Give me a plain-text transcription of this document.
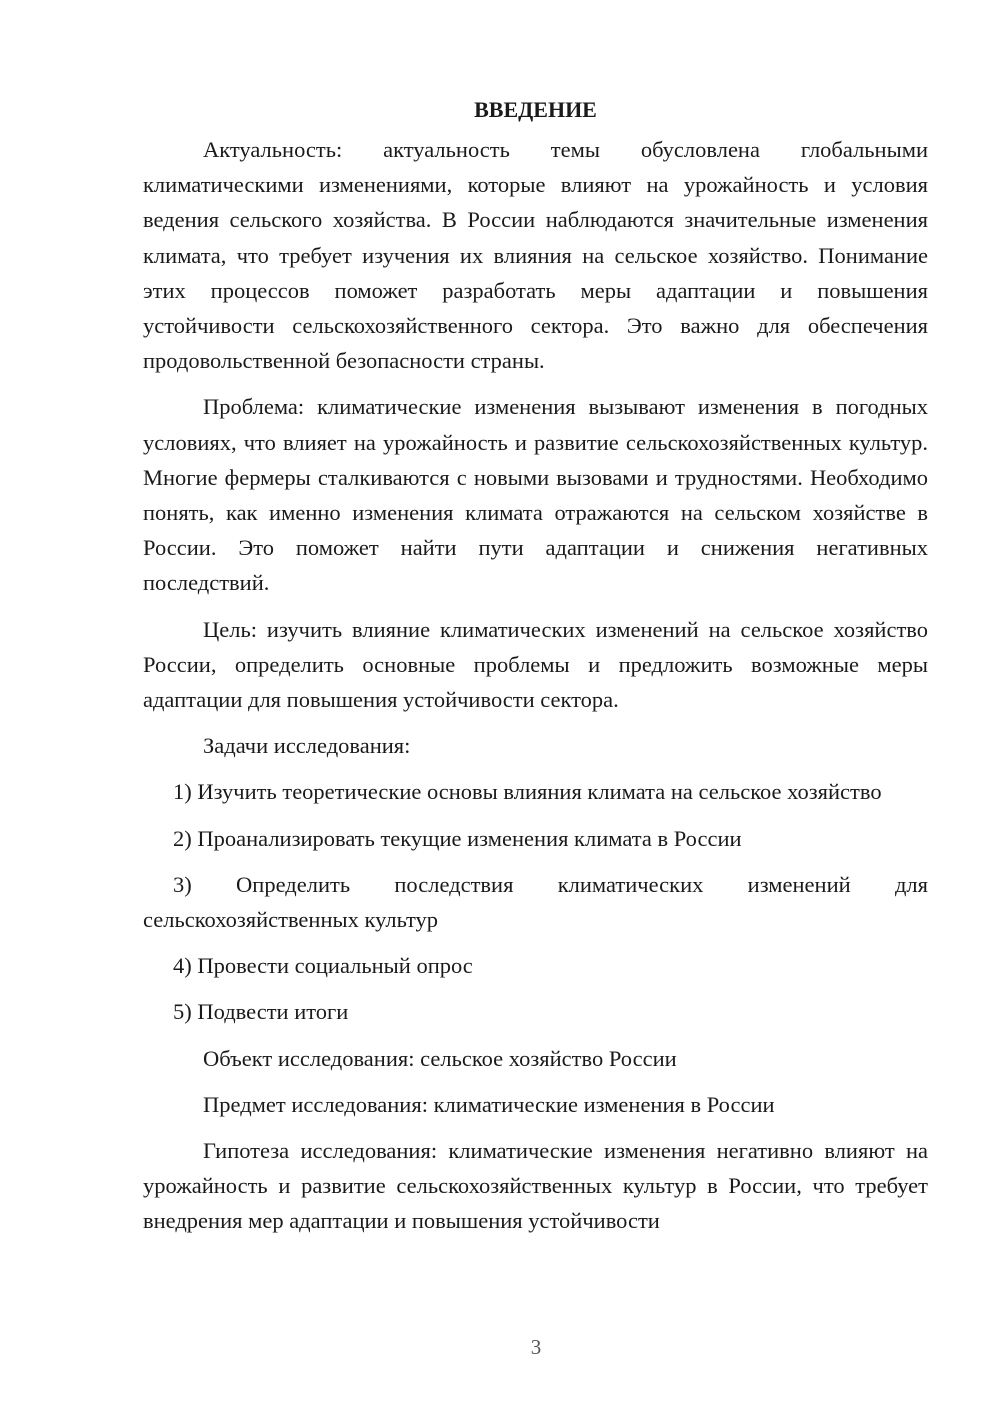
ВВЕДЕНИЕ

Актуальность: актуальность темы обусловлена глобальными климатическими изменениями, которые влияют на урожайность и условия ведения сельского хозяйства. В России наблюдаются значительные изменения климата, что требует изучения их влияния на сельское хозяйство. Понимание этих процессов поможет разработать меры адаптации и повышения устойчивости сельскохозяйственного сектора. Это важно для обеспечения продовольственной безопасности страны.

Проблема: климатические изменения вызывают изменения в погодных условиях, что влияет на урожайность и развитие сельскохозяйственных культур. Многие фермеры сталкиваются с новыми вызовами и трудностями. Необходимо понять, как именно изменения климата отражаются на сельском хозяйстве в России. Это поможет найти пути адаптации и снижения негативных последствий.

Цель: изучить влияние климатических изменений на сельское хозяйство России, определить основные проблемы и предложить возможные меры адаптации для повышения устойчивости сектора.

Задачи исследования:

1) Изучить теоретические основы влияния климата на сельское хозяйство

2) Проанализировать текущие изменения климата в России

3) Определить последствия климатических изменений для сельскохозяйственных культур

4) Провести социальный опрос

5) Подвести итоги

Объект исследования: сельское хозяйство России

Предмет исследования: климатические изменения в России

Гипотеза исследования: климатические изменения негативно влияют на урожайность и развитие сельскохозяйственных культур в России, что требует внедрения мер адаптации и повышения устойчивости

3
